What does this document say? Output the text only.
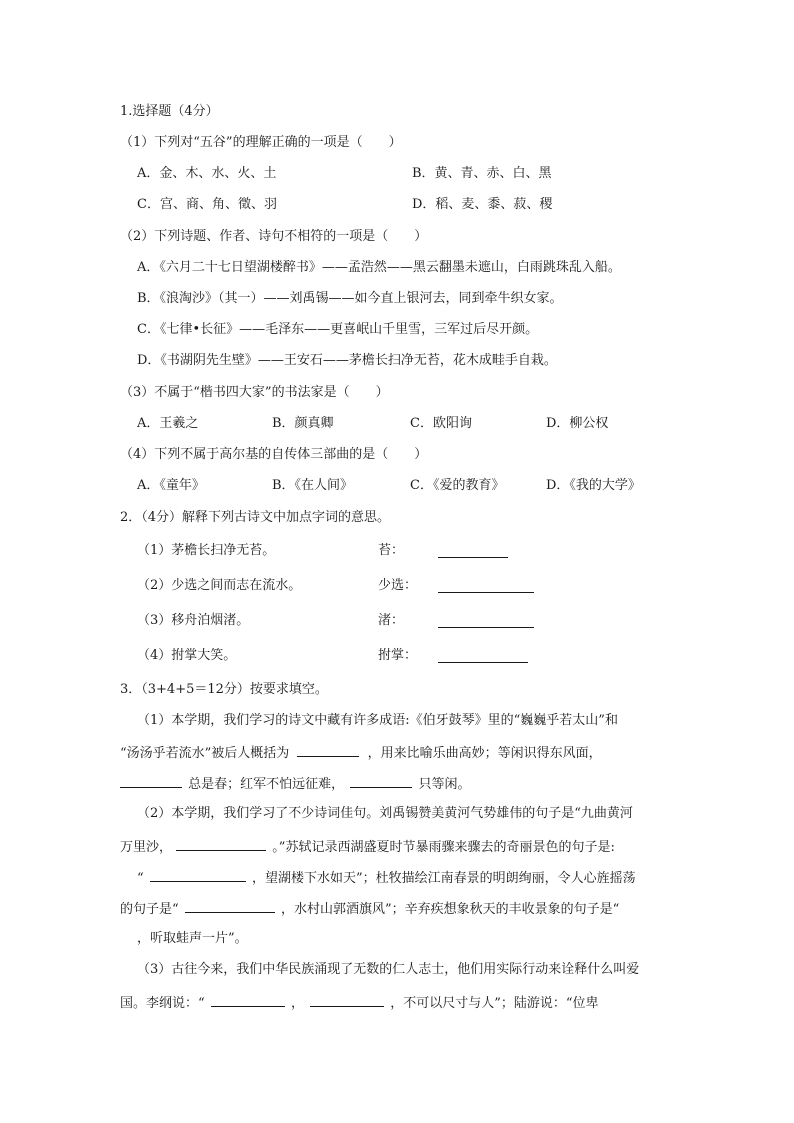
1.选择题（4分）
（1）下列对“五谷”的理解正确的一项是（　　）
A．金、木、水、火、土	B．黄、青、赤、白、黑
C．宫、商、角、徵、羽	D．稻、麦、黍、菽、稷
（2）下列诗题、作者、诗句不相符的一项是（　　）
A．《六月二十七日望湖楼醉书》——孟浩然——黑云翻墨未遮山，白雨跳珠乱入船。
B．《浪淘沙》（其一）——刘禹锡——如今直上银河去，同到牵牛织女家。
C．《七律•长征》——毛泽东——更喜岷山千里雪，三军过后尽开颜。
D．《书湖阴先生壁》——王安石——茅檐长扫净无苔，花木成畦手自栽。
（3）不属于“楷书四大家”的书法家是（　　）
A．王羲之	B．颜真卿	C．欧阳询	D．柳公权
（4）下列不属于高尔基的自传体三部曲的是（　　）
A．《童年》	B．《在人间》	C．《爱的教育》	D．《我的大学》
2．（4分）解释下列古诗文中加点字词的意思。
（1）茅檐长扫净无苔。	苔：
（2）少选之间而志在流水。	少选：
（3）移舟泊烟渚。	渚：
（4）拊掌大笑。	拊掌：
3．（3+4+5＝12分）按要求填空。
（1）本学期，我们学习的诗文中藏有许多成语:《伯牙鼓琴》里的“巍巍乎若太山”和
“汤汤乎若流水”被后人概括为	，用来比喻乐曲高妙；等闲识得东风面，
总是春；红军不怕远征难，	只等闲。
（2）本学期，我们学习了不少诗词佳句。刘禹锡赞美黄河气势雄伟的句子是“九曲黄河
万里沙，	。”苏轼记录西湖盛夏时节暴雨骤来骤去的奇丽景色的句子是:
“	，望湖楼下水如天”；杜牧描绘江南春景的明朗绚丽，令人心旌摇荡
的句子是“	，水村山郭酒旗风”；辛弃疾想象秋天的丰收景象的句子是“
，听取蛙声一片”。
（3）古往今来，我们中华民族涌现了无数的仁人志士，他们用实际行动来诠释什么叫爱
国。李纲说：“	，	，不可以尺寸与人”；陆游说：“位卑
